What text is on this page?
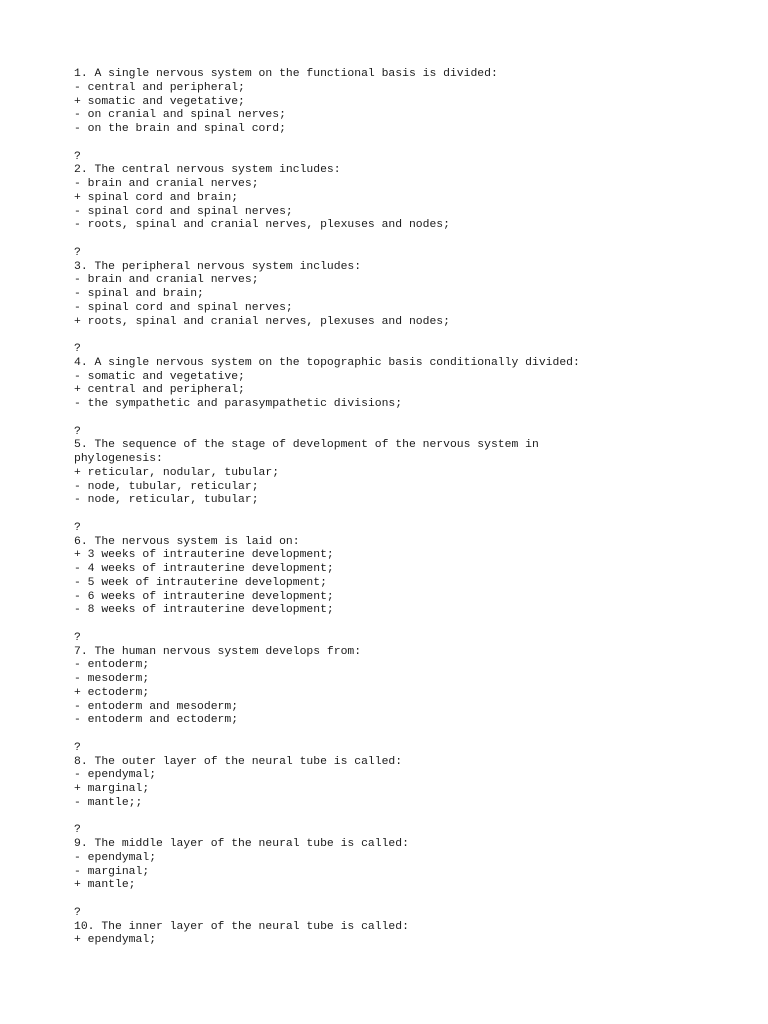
1. A single nervous system on the functional basis is divided:
- central and peripheral;
+ somatic and vegetative;
- on cranial and spinal nerves;
- on the brain and spinal cord;
?
2. The central nervous system includes:
- brain and cranial nerves;
+ spinal cord and brain;
- spinal cord and spinal nerves;
- roots, spinal and cranial nerves, plexuses and nodes;
?
3. The peripheral nervous system includes:
- brain and cranial nerves;
- spinal and brain;
- spinal cord and spinal nerves;
+ roots, spinal and cranial nerves, plexuses and nodes;
?
4. A single nervous system on the topographic basis conditionally divided:
- somatic and vegetative;
+ central and peripheral;
- the sympathetic and parasympathetic divisions;
?
5. The sequence of the stage of development of the nervous system in
phylogenesis:
+ reticular, nodular, tubular;
- node, tubular, reticular;
- node, reticular, tubular;
?
6. The nervous system is laid on:
+ 3 weeks of intrauterine development;
- 4 weeks of intrauterine development;
- 5 week of intrauterine development;
- 6 weeks of intrauterine development;
- 8 weeks of intrauterine development;
?
7. The human nervous system develops from:
- entoderm;
- mesoderm;
+ ectoderm;
- entoderm and mesoderm;
- entoderm and ectoderm;
?
8. The outer layer of the neural tube is called:
- ependymal;
+ marginal;
- mantle;;
?
9. The middle layer of the neural tube is called:
- ependymal;
- marginal;
+ mantle;
?
10. The inner layer of the neural tube is called:
+ ependymal;
